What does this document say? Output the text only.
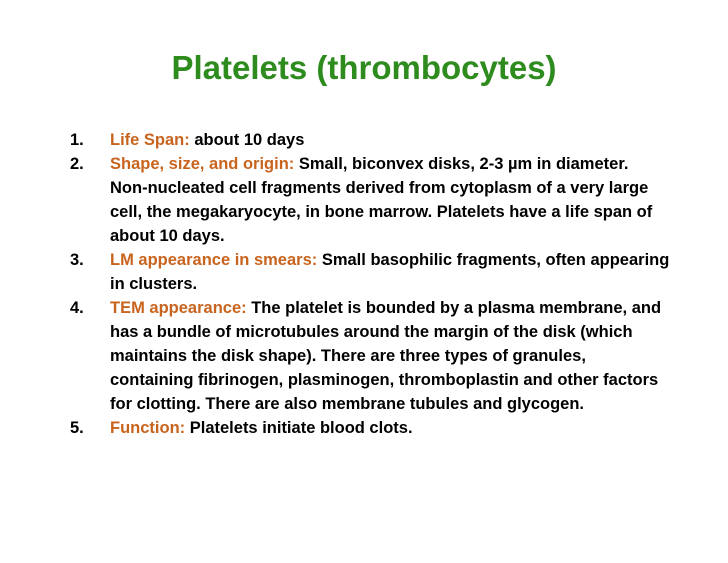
Platelets (thrombocytes)
1.	Life Span: about 10 days
2.	Shape, size, and origin: Small, biconvex disks, 2-3 µm in diameter. Non-nucleated cell fragments derived from cytoplasm of a very large cell, the megakaryocyte, in bone marrow. Platelets have a life span of about 10 days.
3.	LM appearance in smears: Small basophilic fragments, often appearing in clusters.
4.	TEM appearance: The platelet is bounded by a plasma membrane, and has a bundle of microtubules around the margin of the disk (which maintains the disk shape). There are three types of granules, containing fibrinogen, plasminogen, thromboplastin and other factors for clotting. There are also membrane tubules and glycogen.
5.	Function: Platelets initiate blood clots.
